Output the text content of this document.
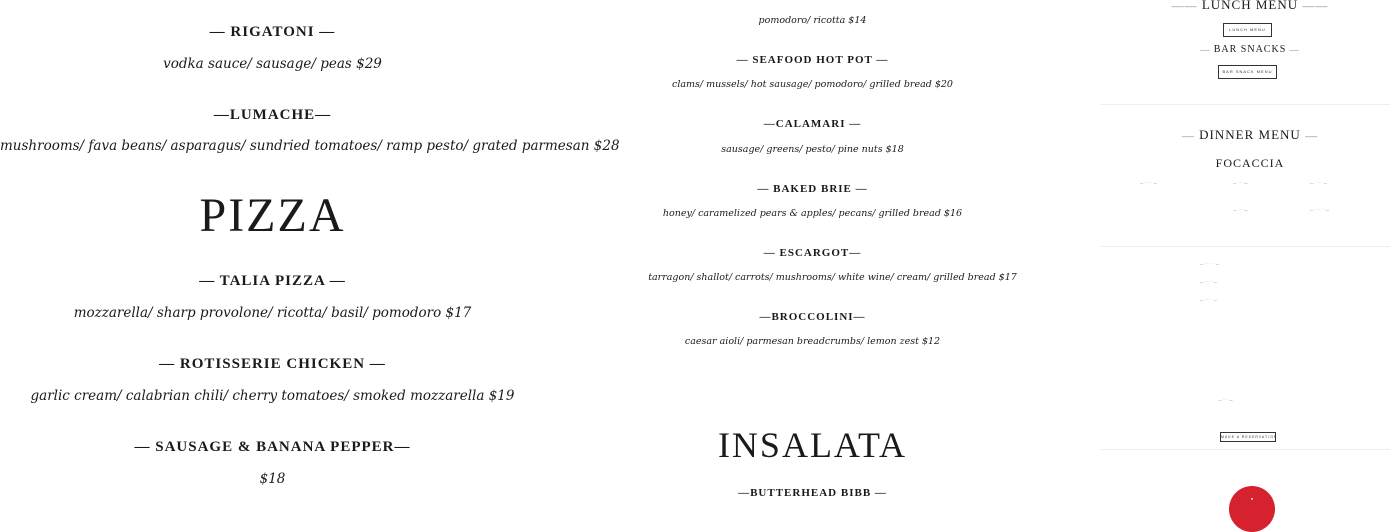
— RIGATONI —
vodka sauce/ sausage/ peas $29
—LUMACHE—
mushrooms/ fava beans/ asparagus/ sundried tomatoes/ ramp pesto/ grated parmesan $28
PIZZA
— TALIA PIZZA —
mozzarella/ sharp provolone/ ricotta/ basil/ pomodoro $17
— ROTISSERIE CHICKEN —
garlic cream/ calabrian chili/ cherry tomatoes/ smoked mozzarella $19
— SAUSAGE & BANANA PEPPER—
$18
pomodoro/ ricotta $14
— SEAFOOD HOT POT —
clams/ mussels/ hot sausage/ pomodoro/ grilled bread $20
—CALAMARI —
sausage/ greens/ pesto/ pine nuts $18
— BAKED BRIE —
honey/ caramelized pears & apples/ pecans/ grilled bread $16
— ESCARGOT—
tarragon/ shallot/ carrots/ mushrooms/ white wine/ cream/ grilled bread $17
—BROCCOLINI—
caesar aioli/ parmesan breadcrumbs/ lemon zest $12
INSALATA
—BUTTERHEAD BIBB —
—— LUNCH MENU ——
LUNCH MENU
— BAR SNACKS —
BAR SNACK MENU
— DINNER MENU —
FOCACCIA
— · · · · —	— · · · —	— · · · · —
— · · · —	— · · · · · —
— · · · · · —
— · · · · —
— · · · · —
— · · · —
MAKE A RESERVATION
●
